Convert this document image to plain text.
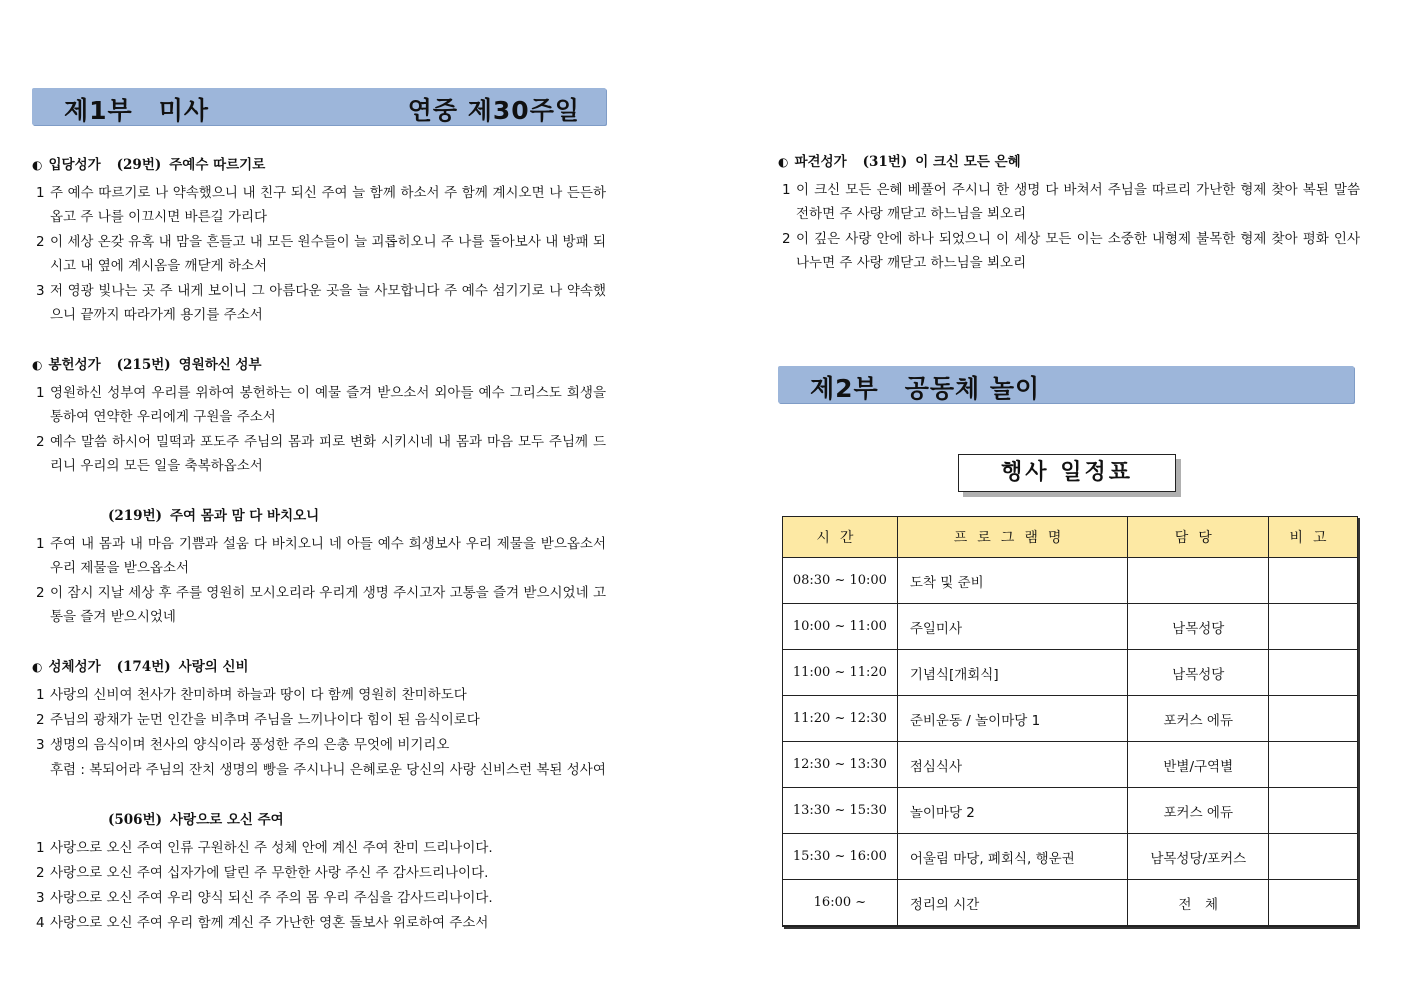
제1부　미사	연중 제30주일
◐ 입당성가 (29번) 주예수 따르기로
1 주 예수 따르기로 나 약속했으니 내 친구 되신 주여 늘 함께 하소서 주 함께 계시오면 나 든든하옵고 주 나를 이끄시면 바른길 가리다
2 이 세상 온갖 유혹 내 맘을 흔들고 내 모든 원수들이 늘 괴롭히오니 주 나를 돌아보사 내 방패 되시고 내 옆에 계시옴을 깨닫게 하소서
3 저 영광 빛나는 곳 주 내게 보이니 그 아름다운 곳을 늘 사모합니다 주 예수 섬기기로 나 약속했으니 끝까지 따라가게 용기를 주소서
◐ 봉헌성가 (215번) 영원하신 성부
1 영원하신 성부여 우리를 위하여 봉헌하는 이 예물 즐겨 받으소서 외아들 예수 그리스도 희생을 통하여 연약한 우리에게 구원을 주소서
2 예수 말씀 하시어 밀떡과 포도주 주님의 몸과 피로 변화 시키시네 내 몸과 마음 모두 주님께 드리니 우리의 모든 일을 축복하옵소서
(219번) 주여 몸과 맘 다 바치오니
1 주여 내 몸과 내 마음 기쁨과 설움 다 바치오니 네 아들 예수 희생보사 우리 제물을 받으옵소서 우리 제물을 받으옵소서
2 이 잠시 지날 세상 후 주를 영원히 모시오리라 우리게 생명 주시고자 고통을 즐겨 받으시었네 고통을 즐겨 받으시었네
◐ 성체성가 (174번) 사랑의 신비
1 사랑의 신비여 천사가 찬미하며 하늘과 땅이 다 함께 영원히 찬미하도다
2 주님의 광채가 눈먼 인간을 비추며 주님을 느끼나이다 힘이 된 음식이로다
3 생명의 음식이며 천사의 양식이라 풍성한 주의 은총 무엇에 비기리오
후렴 : 복되어라 주님의 잔치 생명의 빵을 주시나니 은혜로운 당신의 사랑 신비스런 복된 성사여
(506번) 사랑으로 오신 주여
1 사랑으로 오신 주여 인류 구원하신 주 성체 안에 계신 주여 찬미 드리나이다.
2 사랑으로 오신 주여 십자가에 달린 주 무한한 사랑 주신 주 감사드리나이다.
3 사랑으로 오신 주여 우리 양식 되신 주 주의 몸 우리 주심을 감사드리나이다.
4 사랑으로 오신 주여 우리 함께 계신 주 가난한 영혼 돌보사 위로하여 주소서
◐ 파견성가 (31번) 이 크신 모든 은혜
1 이 크신 모든 은혜 베풀어 주시니 한 생명 다 바쳐서 주님을 따르리 가난한 형제 찾아 복된 말씀 전하면 주 사랑 깨닫고 하느님을 뵈오리
2 이 깊은 사랑 안에 하나 되었으니 이 세상 모든 이는 소중한 내형제 불목한 형제 찾아 평화 인사 나누면 주 사랑 깨닫고 하느님을 뵈오리
제2부　공동체 놀이
행사 일정표
시간	프로그램명	담당	비고
08:30 ~ 10:00	도착 및 준비		
10:00 ~ 11:00	주일미사	남목성당	
11:00 ~ 11:20	기념식[개회식]	남목성당	
11:20 ~ 12:30	준비운동 / 놀이마당 1	포커스 에듀	
12:30 ~ 13:30	점심식사	반별/구역별	
13:30 ~ 15:30	놀이마당 2	포커스 에듀	
15:30 ~ 16:00	어울림 마당, 폐회식, 행운권	남목성당/포커스	
16:00 ~	정리의 시간	전　체	
